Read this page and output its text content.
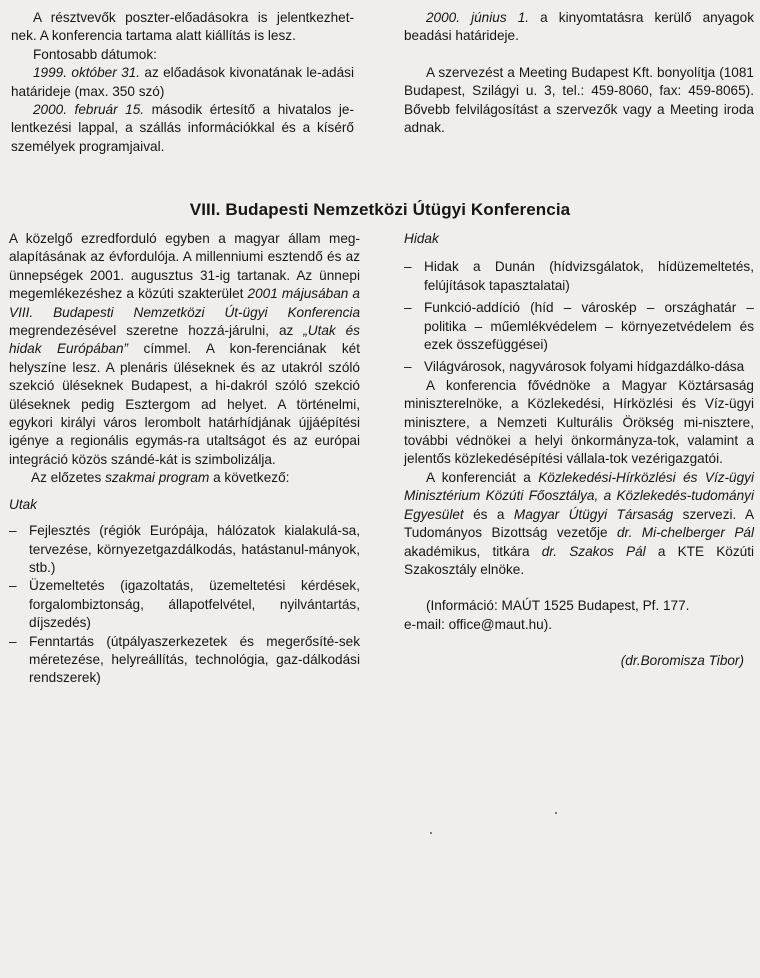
A résztvevők poszter-előadásokra is jelentkezhet-nek. A konferencia tartama alatt kiállítás is lesz.

Fontosabb dátumok:

1999. október 31. az előadások kivonatának le-adási határideje (max. 350 szó)

2000. február 15. második értesítő a hivatalos je-lentkezési lappal, a szállás információkkal és a kísérő személyek programjaival.

2000. június 1. a kinyomtatásra kerülő anyagok beadási határideje.

A szervezést a Meeting Budapest Kft. bonyolítja (1081 Budapest, Szilágyi u. 3, tel.: 459-8060, fax: 459-8065). Bővebb felvilágosítást a szervezők vagy a Meeting iroda adnak.

VIII. Budapesti Nemzetközi Útügyi Konferencia

A közelgő ezredforduló egyben a magyar állam meg-alapításának az évfordulója. A millenniumi esztendő és az ünnepségek 2001. augusztus 31-ig tartanak. Az ünnepi megemlékezéshez a közúti szakterület 2001 májusában a VIII. Budapesti Nemzetközi Út-ügyi Konferencia megrendezésével szeretne hozzá-járulni, az „Utak és hidak Európában” címmel. A kon-ferenciának két helyszíne lesz. A plenáris üléseknek és az utakról szóló szekció üléseknek Budapest, a hi-dakról szóló szekció üléseknek pedig Esztergom ad helyet. A történelmi, egykori királyi város lerombolt határhídjának újjáépítési igénye a regionális egymás-ra utaltságot és az európai integráció közös szándé-kát is szimbolizálja.

Az előzetes szakmai program a következő:

Utak

– Fejlesztés (régiók Európája, hálózatok kialakulá-sa, tervezése, környezetgazdálkodás, hatástanul-mányok, stb.)
– Üzemeltetés (igazoltatás, üzemeltetési kérdések, forgalombiztonság, állapotfelvétel, nyilvántartás, díjszedés)
– Fenntartás (útpályaszerkezetek és megerősíté-sek méretezése, helyreállítás, technológia, gaz-dálkodási rendszerek)

Hidak

– Hidak a Dunán (hídvizsgálatok, hídüzemeltetés, felújítások tapasztalatai)
– Funkció-addíció (híd – városkép – országhatár – politika – műemlékvédelem – környezetvédelem és ezek összefüggései)
– Világvárosok, nagyvárosok folyami hídgazdálko-dása

A konferencia fővédnöke a Magyar Köztársaság miniszterelnöke, a Közlekedési, Hírközlési és Víz-ügyi minisztere, a Nemzeti Kulturális Örökség mi-nisztere, további védnökei a helyi önkormányza-tok, valamint a jelentős közlekedésépítési vállala-tok vezérigazgatói.

A konferenciát a Közlekedési-Hírközlési és Víz-ügyi Minisztérium Közúti Főosztálya, a Közlekedés-tudományi Egyesület és a Magyar Útügyi Társaság szervezi. A Tudományos Bizottság vezetője dr. Mi-chelberger Pál akadémikus, titkára dr. Szakos Pál a KTE Közúti Szakosztály elnöke.

(Információ: MAÚT 1525 Budapest, Pf. 177.

e-mail: office@maut.hu).

(dr.Boromisza Tibor)
